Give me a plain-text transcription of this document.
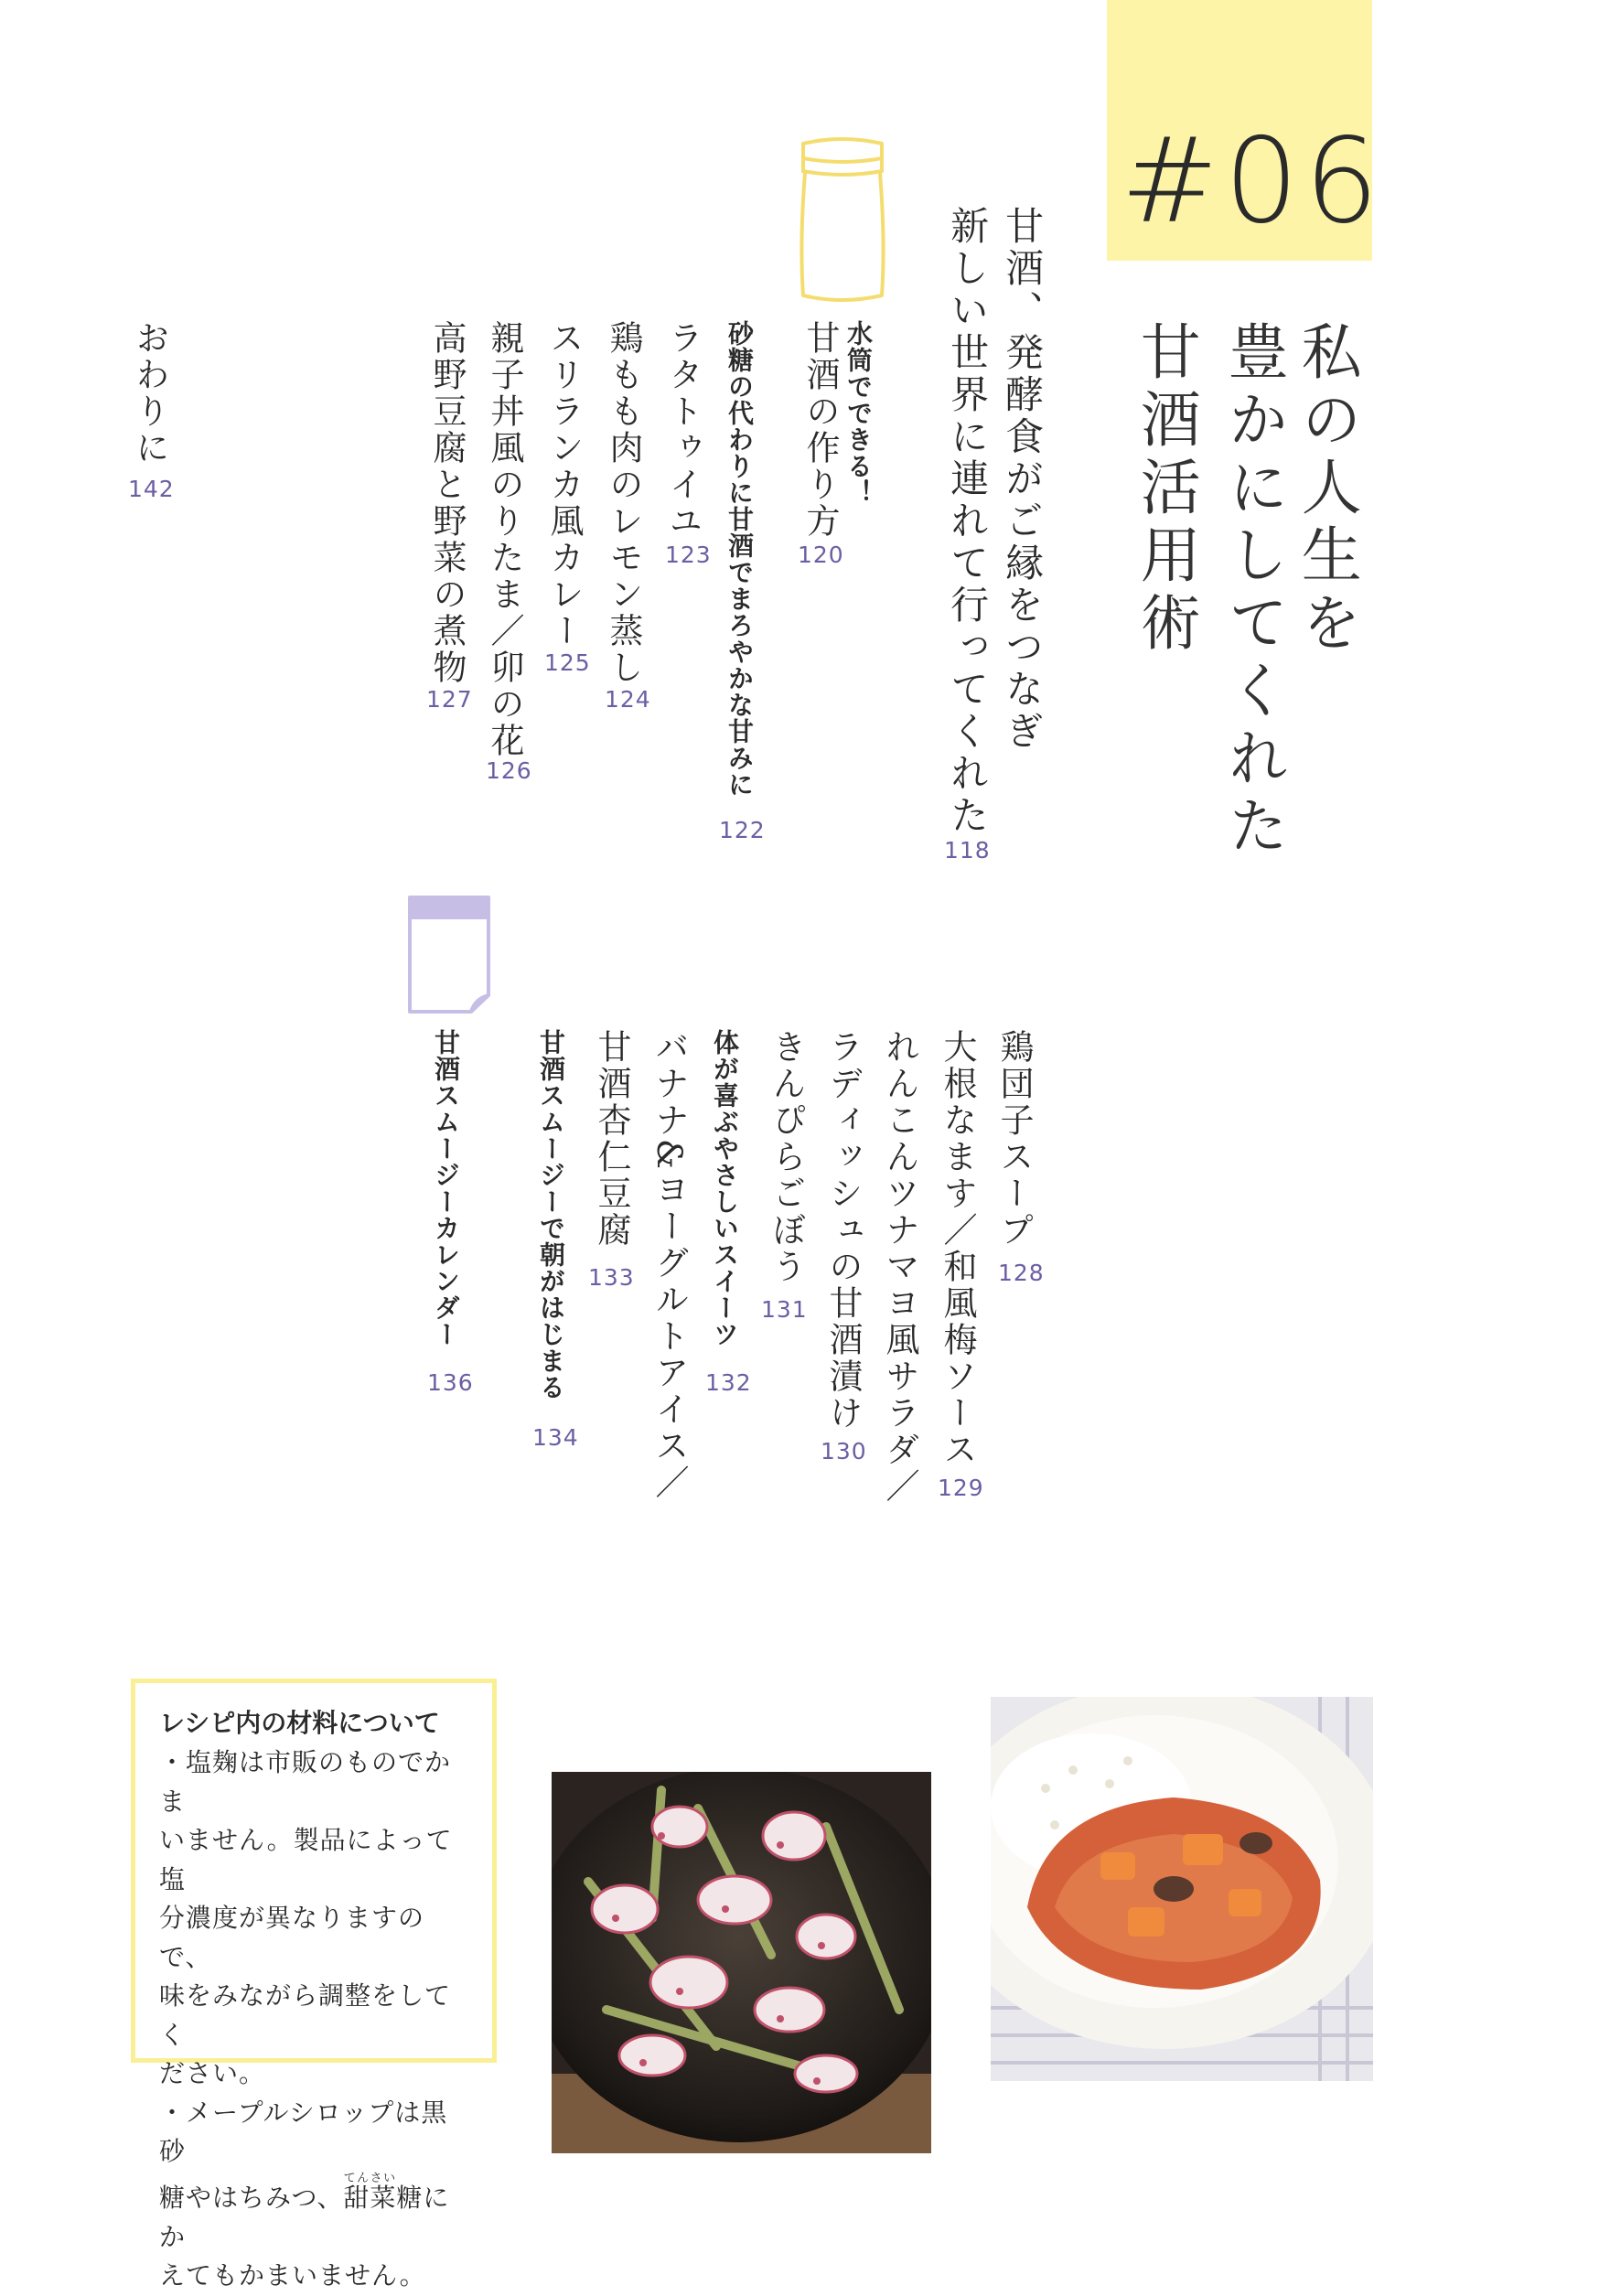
#06
私の人生を
豊かにしてくれた
甘酒活用術
甘酒、発酵食がご縁をつなぎ
新しい世界に連れて行ってくれた
118
水筒でできる！
甘酒の作り方
120
砂糖の代わりに甘酒でまろやかな甘みに
122
ラタトゥイユ
123
鶏もも肉のレモン蒸し
124
スリランカ風カレー
125
親子丼風のりたま／卯の花
126
高野豆腐と野菜の煮物
127
おわりに
142
鶏団子スープ
128
大根なます／和風梅ソース
129
れんこんツナマヨ風サラダ／
ラディッシュの甘酒漬け
130
きんぴらごぼう
131
体が喜ぶやさしいスイーツ
132
バナナ&ヨーグルトアイス／
甘酒杏仁豆腐
133
甘酒スムージーで朝がはじまる
134
甘酒スムージーカレンダー
136
レシピ内の材料について
・塩麹は市販のものでかま
いません。製品によって塩
分濃度が異なりますので、
味をみながら調整をしてく
ださい。
・メープルシロップは黒砂
糖やはちみつ、甜菜てんさい糖にか
えてもかまいません。
